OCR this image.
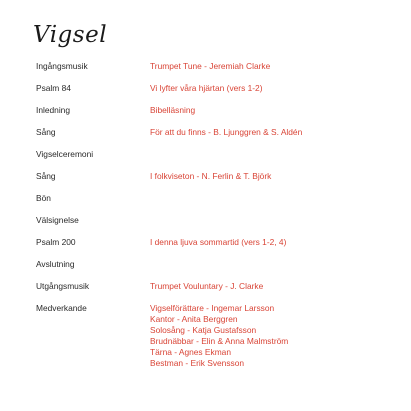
Vigsel
Ingångsmusik	Trumpet Tune - Jeremiah Clarke
Psalm 84	Vi lyfter våra hjärtan (vers 1-2)
Inledning	Bibelläsning
Sång	För att du finns - B. Ljunggren & S. Aldén
Vigselceremoni
Sång	I folkviseton - N. Ferlin & T. Björk
Bön
Välsignelse
Psalm 200	I denna ljuva sommartid (vers 1-2, 4)
Avslutning
Utgångsmusik	Trumpet Vouluntary - J. Clarke
Medverkande	Vigselförättare - Ingemar Larsson
Kantor - Anita Berggren
Solosång - Katja Gustafsson
Brudnäbbar - Elin & Anna Malmström
Tärna - Agnes Ekman
Bestman - Erik Svensson
